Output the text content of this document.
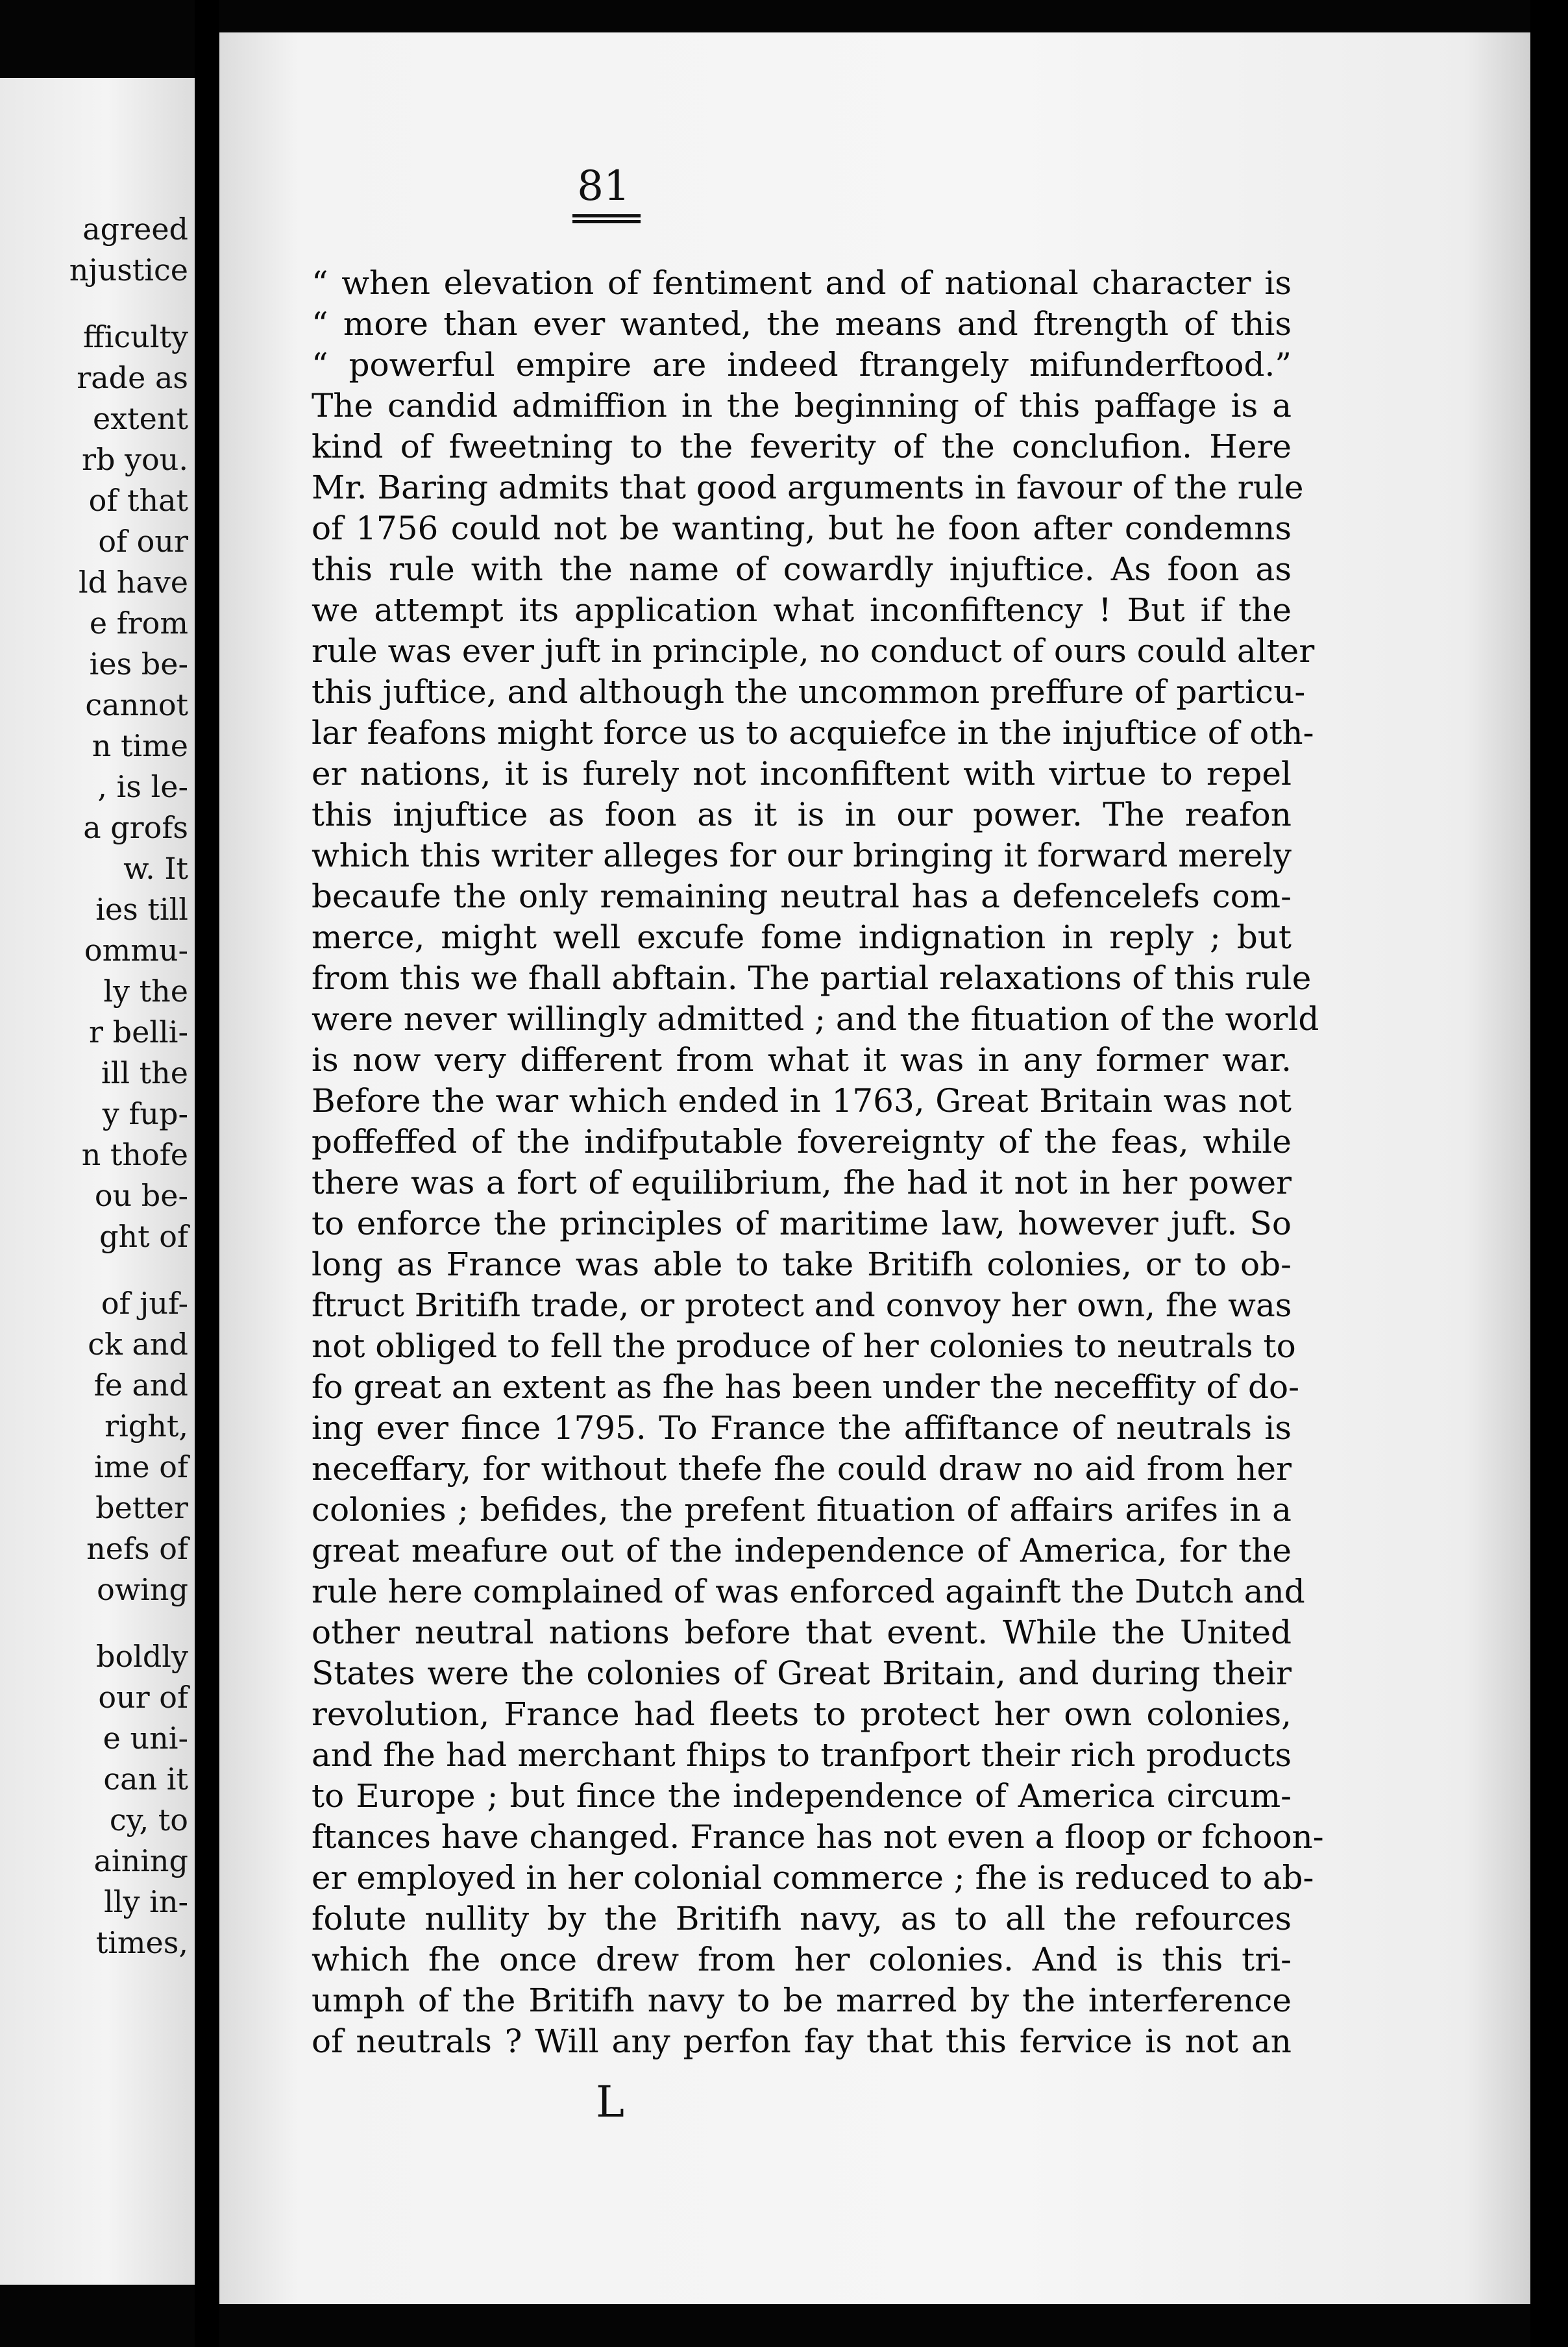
agreed
njustice
fficulty
rade as
extent
rb you.
of that
of our
ld have
e from
ies be-
cannot
n time
, is le-
a grofs
w. It
ies till
ommu-
ly the
r belli-
ill the
y fup-
n thofe
ou be-
ght of
of juf-
ck and
fe and
right,
ime of
better
nefs of
owing
boldly
our of
e uni-
can it
cy, to
aining
lly in-
times,
81
“ when elevation of fentiment and of national character is
“ more than ever wanted, the means and ftrength of this
“ powerful empire are indeed ftrangely mifunderftood.”
The candid admiffion in the beginning of this paffage is a
kind of fweetning to the feverity of the conclufion. Here
Mr. Baring admits that good arguments in favour of the rule
of 1756 could not be wanting, but he foon after condemns
this rule with the name of cowardly injuftice. As foon as
we attempt its application what inconfiftency ! But if the
rule was ever juft in principle, no conduct of ours could alter
this juftice, and although the uncommon preffure of particu-
lar feafons might force us to acquiefce in the injuftice of oth-
er nations, it is furely not inconfiftent with virtue to repel
this injuftice as foon as it is in our power. The reafon
which this writer alleges for our bringing it forward merely
becaufe the only remaining neutral has a defencelefs com-
merce, might well excufe fome indignation in reply ; but
from this we fhall abftain. The partial relaxations of this rule
were never willingly admitted ; and the fituation of the world
is now very different from what it was in any former war.
Before the war which ended in 1763, Great Britain was not
poffeffed of the indifputable fovereignty of the feas, while
there was a fort of equilibrium, fhe had it not in her power
to enforce the principles of maritime law, however juft. So
long as France was able to take Britifh colonies, or to ob-
ftruct Britifh trade, or protect and convoy her own, fhe was
not obliged to fell the produce of her colonies to neutrals to
fo great an extent as fhe has been under the neceffity of do-
ing ever fince 1795. To France the affiftance of neutrals is
neceffary, for without thefe fhe could draw no aid from her
colonies ; befides, the prefent fituation of affairs arifes in a
great meafure out of the independence of America, for the
rule here complained of was enforced againft the Dutch and
other neutral nations before that event. While the United
States were the colonies of Great Britain, and during their
revolution, France had fleets to protect her own colonies,
and fhe had merchant fhips to tranfport their rich products
to Europe ; but fince the independence of America circum-
ftances have changed. France has not even a floop or fchoon-
er employed in her colonial commerce ; fhe is reduced to ab-
folute nullity by the Britifh navy, as to all the refources
which fhe once drew from her colonies. And is this tri-
umph of the Britifh navy to be marred by the interference
of neutrals ? Will any perfon fay that this fervice is not an
L
